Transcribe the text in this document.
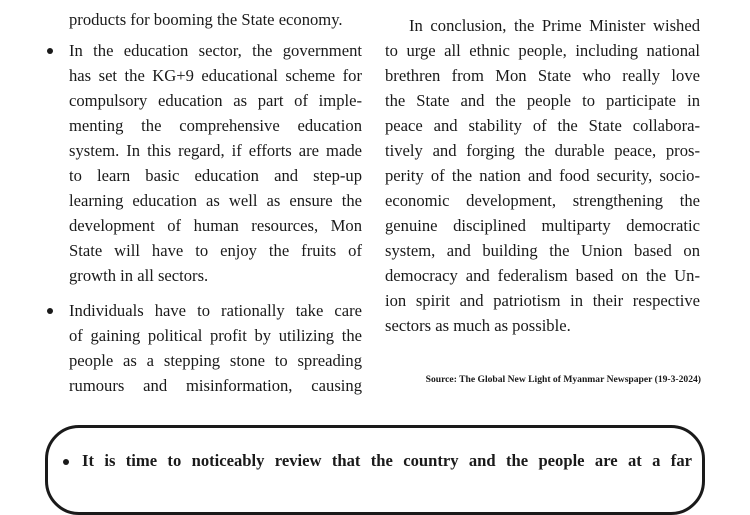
products for booming the State economy.
In the education sector, the government
has set the KG+9 educational scheme for
compulsory education as part of imple-
menting the comprehensive education
system. In this regard, if efforts are made
to learn basic education and step-up
learning education as well as ensure the
development of human resources, Mon
State will have to enjoy the fruits of
growth in all sectors.
Individuals have to rationally take care
of gaining political profit by utilizing the
people as a stepping stone to spreading
rumours and misinformation, causing
In conclusion, the Prime Minister wished
to urge all ethnic people, including national
brethren from Mon State who really love
the State and the people to participate in
peace and stability of the State collabora-
tively and forging the durable peace, pros-
perity of the nation and food security, socio-
economic development, strengthening the
genuine disciplined multiparty democratic
system, and building the Union based on
democracy and federalism based on the Un-
ion spirit and patriotism in their respective
sectors as much as possible.
Source: The Global New Light of Myanmar Newspaper (19-3-2024)
It is time to noticeably review that the country and the people are at a far
